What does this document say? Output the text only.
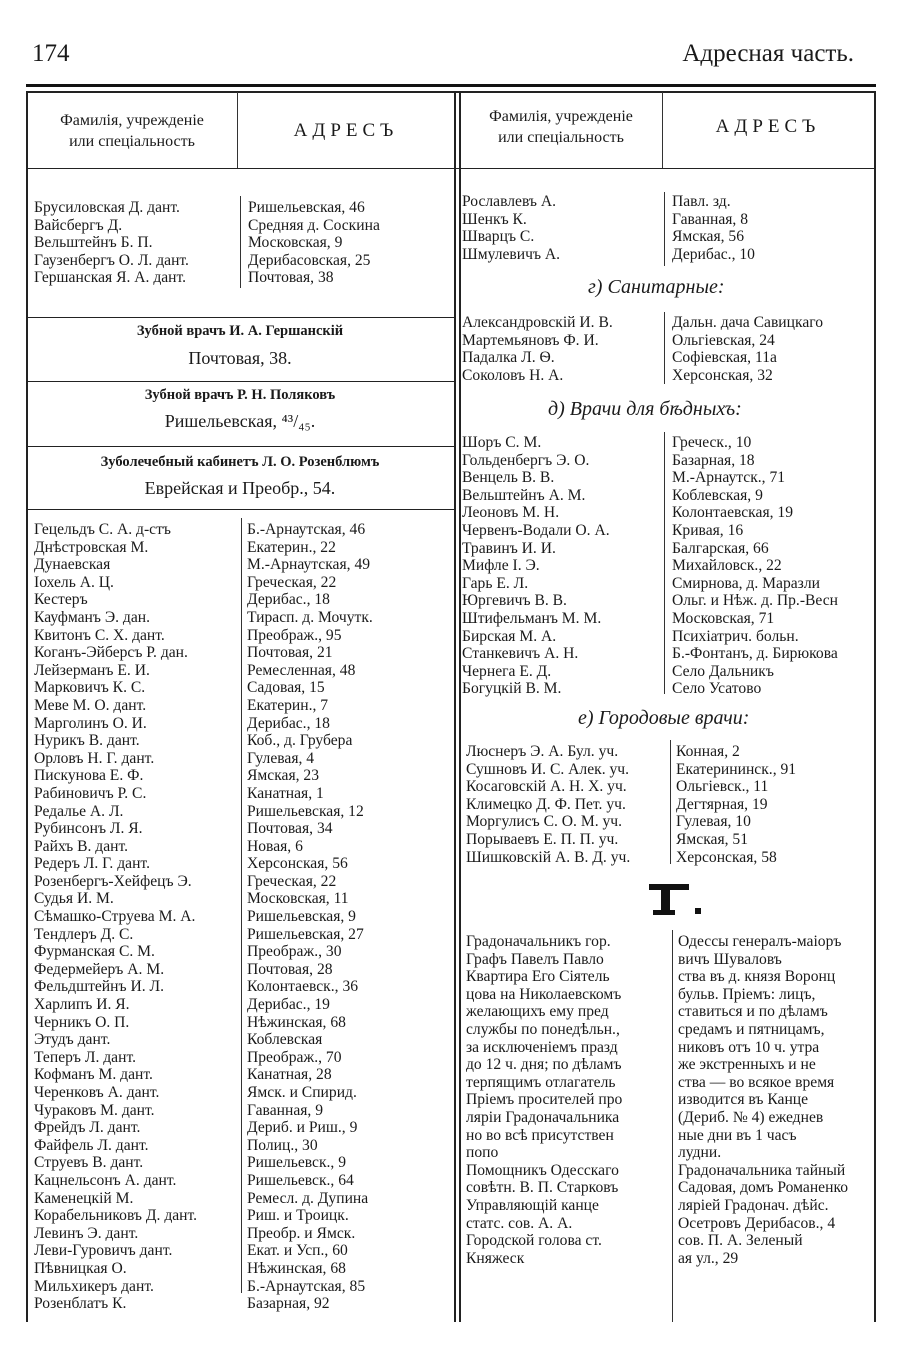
174	Адресная часть.
Фамилія, учрежденіе
или спеціальность
АДРЕСЪ
Фамилія, учрежденіе
или спеціальность
АДРЕСЪ
Брусиловская Д. дант.	Ришельевская, 46
Вайсбергъ Д.	Средняя д. Соскина
Вельштейнъ Б. П.	Московская, 9
Гаузенбергъ О. Л. дант.	Дерибасовская, 25
Гершанская Я. А. дант.	Почтовая, 38
Зубной врачъ И. А. Гершанскій
Почтовая, 38.
Зубной врачъ Р. Н. Поляковъ
Ришельевская, ⁴³/₄₅.
Зуболечебный кабинетъ Л. О. Розенблюмъ
Еврейская и Преобр., 54.
Гецельдъ С. А. д-стъ	Б.-Арнаутская, 46
Днѣстровская М.	Екатерин., 22
Дунаевская	М.-Арнаутская, 49
Іохель А. Ц.	Греческая, 22
Кестеръ	Дерибас., 18
Кауфманъ Э. дан.	Тирасп. д. Мочутк.
Квитонъ С. Х. дант.	Преображ., 95
Коганъ-Эйберсъ Р. дан.	Почтовая, 21
Лейзерманъ Е. И.	Ремесленная, 48
Марковичъ К. С.	Садовая, 15
Меве М. О. дант.	Екатерин., 7
Марголинъ О. И.	Дерибас., 18
Нурикъ В. дант.	Коб., д. Грубера
Орловъ Н. Г. дант.	Гулевая, 4
Пискунова Е. Ф.	Ямская, 23
Рабиновичъ Р. С.	Канатная, 1
Редалье А. Л.	Ришельевская, 12
Рубинсонъ Л. Я.	Почтовая, 34
Райхъ В. дант.	Новая, 6
Редеръ Л. Г. дант.	Херсонская, 56
Розенбергъ-Хейфецъ Э.	Греческая, 22
Судья И. М.	Московская, 11
Сѣмашко-Струева М. А.	Ришельевская, 9
Тендлеръ Д. С.	Ришельевская, 27
Фурманская С. М.	Преображ., 30
Федермейеръ А. М.	Почтовая, 28
Фельдштейнъ И. Л.	Колонтаевск., 36
Харлипъ И. Я.	Дерибас., 19
Черникъ О. П.	Нѣжинская, 68
Этудъ дант.	Коблевская
Теперъ Л. дант.	Преображ., 70
Кофманъ М. дант.	Канатная, 28
Черенковъ А. дант.	Ямск. и Спирид.
Чураковъ М. дант.	Гаванная, 9
Фрейдъ Л. дант.	Дериб. и Риш., 9
Файфель Л. дант.	Полиц., 30
Струевъ В. дант.	Ришельевск., 9
Кацнельсонъ А. дант.	Ришельевск., 64
Каменецкій М.	Ремесл. д. Дупина
Корабельниковъ Д. дант.	Риш. и Троицк.
Левинъ Э. дант.	Преобр. и Ямск.
Леви-Гуровичъ дант.	Екат. и Усп., 60
Пѣвницкая О.	Нѣжинская, 68
Мильхикеръ дант.	Б.-Арнаутская, 85
Розенблатъ К.	Базарная, 92
Рославлевъ А.	Павл. зд.
Шенкъ К.	Гаванная, 8
Шварцъ С.	Ямская, 56
Шмулевичъ А.	Дерибас., 10
г) Санитарные:
Александровскій И. В.	Дальн. дача Савицкаго
Мартемьяновъ Ф. И.	Ольгіевская, 24
Падалка Л. Ѳ.	Софіевская, 11а
Соколовъ Н. А.	Херсонская, 32
д) Врачи для бѣдныхъ:
Шоръ С. М.	Греческ., 10
Гольденбергъ Э. О.	Базарная, 18
Венцель В. В.	М.-Арнаутск., 71
Вельштейнъ А. М.	Коблевская, 9
Леоновъ М. Н.	Колонтаевская, 19
Червенъ-Водали О. А.	Кривая, 16
Травинъ И. И.	Балгарская, 66
Мифле І. Э.	Михайловск., 22
Гарь Е. Л.	Смирнова, д. Маразли
Юргевичъ В. В.	Ольг. и Нѣж. д. Пр.-Весн
Штифельманъ М. М.	Московская, 71
Бирская М. А.	Психіатрич. больн.
Станкевичъ А. Н.	Б.-Фонтанъ, д. Бирюкова
Чернега Е. Д.	Село Дальникъ
Богуцкій В. М.	Село Усатово
е) Городовые врачи:
Люснеръ Э. А. Бул. уч.	Конная, 2
Сушновъ И. С. Алек. уч.	Екатерининск., 91
Косаговскій А. Н. Х. уч.	Ольгіевск., 11
Климецко Д. Ф. Пет. уч.	Дегтярная, 19
Моргулисъ С. О. М. уч.	Гулевая, 10
Порываевъ Е. П. П. уч.	Ямская, 51
Шишковскій А. В. Д. уч.	Херсонская, 58
Градоначальникъ гор.
Графъ Павелъ Павло
Квартира Его Сіятель
цова на Николаевскомъ
желающихъ ему пред
службы по понедѣльн.,
за исключеніемъ празд
до 12 ч. дня; по дѣламъ
терпящимъ отлагатель
Пріемъ просителей про
ляріи Градоначальника
но во всѣ присутствен
попо
Помощникъ Одесскаго
совѣтн. В. П. Старковъ
Управляющій канце
статс. сов. А. А.
Городской голова ст.
Княжеск
Одессы генералъ-маіоръ
вичъ Шуваловъ
ства въ д. князя Воронц
бульв. Пріемъ: лицъ,
ставиться и по дѣламъ
средамъ и пятницамъ,
никовъ отъ 10 ч. утра
же экстренныхъ и не
ства — во всякое время
изводится въ Канце
(Дериб. № 4) ежеднев
ные дни въ 1 часъ
лудни.
Градоначальника тайный
Садовая, домъ Романенко
ляріей Градонач. дѣйс.
Осетровъ Дерибасов., 4
сов. П. А. Зеленый
ая ул., 29
